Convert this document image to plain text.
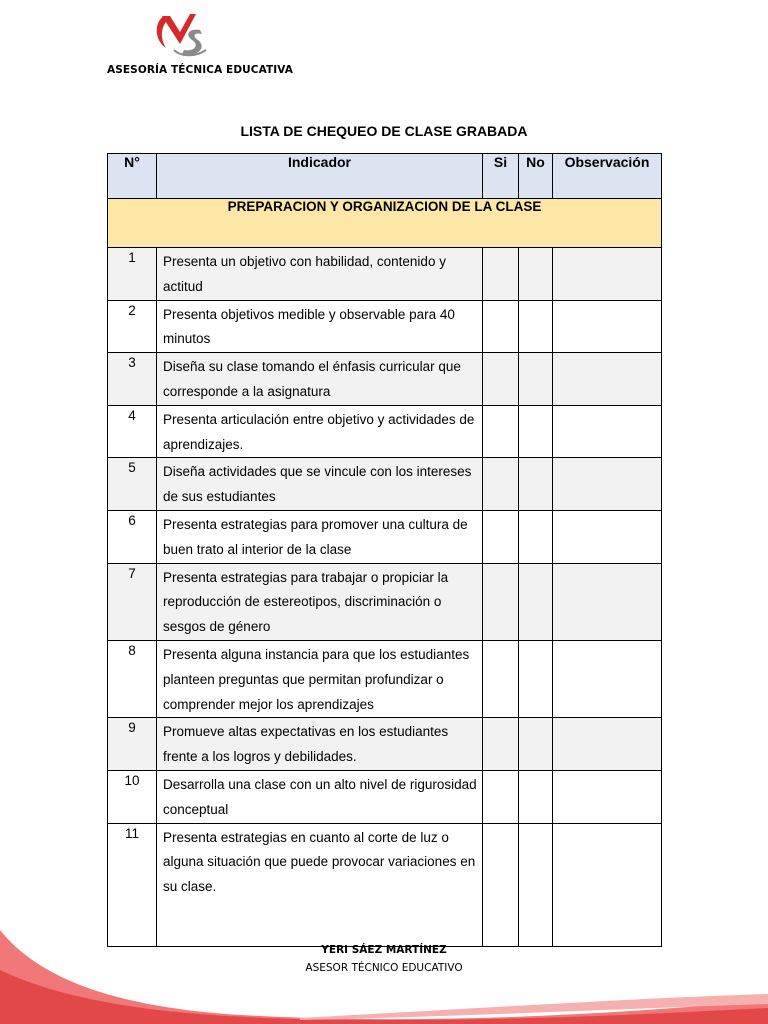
ASESORÍA TÉCNICA EDUCATIVA
LISTA DE CHEQUEO DE CLASE GRABADA
N°	Indicador	Si	No	Observación
PREPARACION Y ORGANIZACION DE LA CLASE				
1	Presenta un objetivo con habilidad, contenido y actitud			
2	Presenta objetivos medible y observable para 40 minutos			
3	Diseña su clase tomando el énfasis curricular que corresponde a la asignatura			
4	Presenta articulación entre objetivo y actividades de aprendizajes.			
5	Diseña actividades que se vincule con los intereses de sus estudiantes			
6	Presenta estrategias para promover una cultura de buen trato al interior de la clase			
7	Presenta estrategias para trabajar o propiciar la reproducción de estereotipos, discriminación o sesgos de género			
8	Presenta alguna instancia para que los estudiantes planteen preguntas que permitan profundizar o comprender mejor los aprendizajes			
9	Promueve altas expectativas en los estudiantes frente a los logros y debilidades.			
10	Desarrolla una clase con un alto nivel de rigurosidad conceptual			
11	Presenta estrategias en cuanto al corte de luz o alguna situación que puede provocar variaciones en su clase.			
YERI SÁEZ MARTÍNEZ
ASESOR TÉCNICO EDUCATIVO
